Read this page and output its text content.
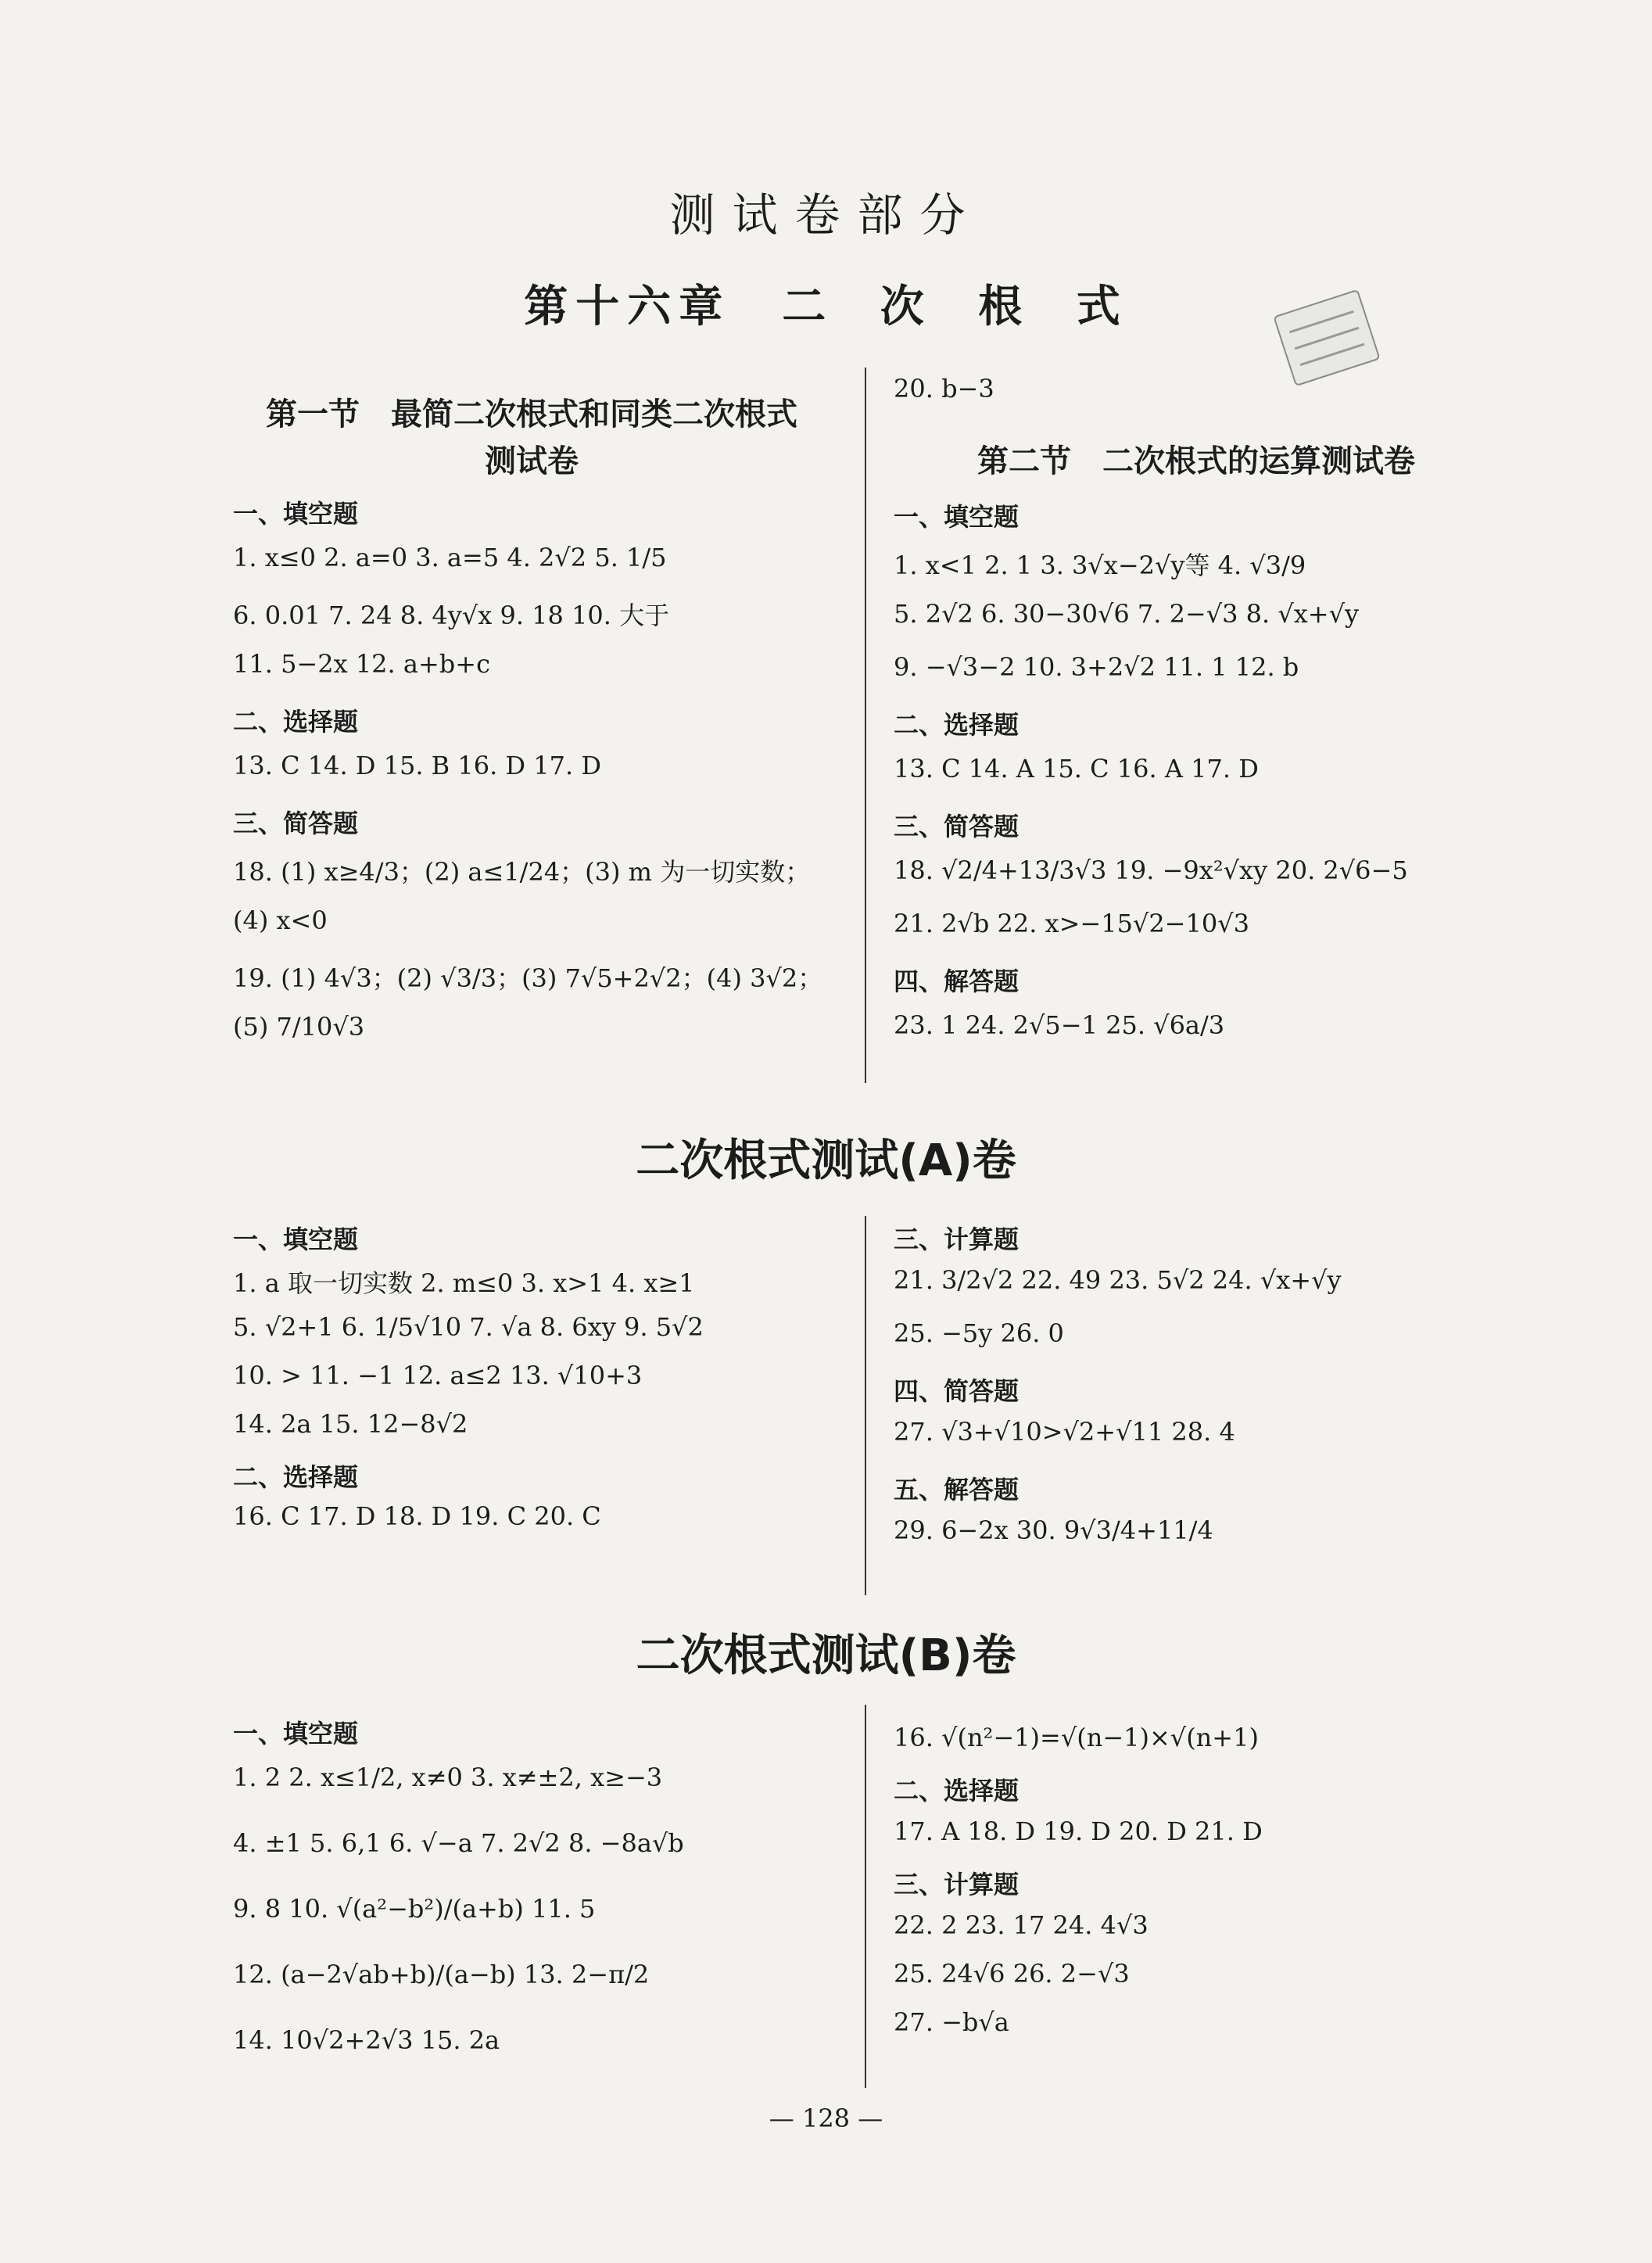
测试卷部分
第十六章　二 次 根 式
第一节　最简二次根式和同类二次根式
测试卷
一、填空题
1. x≤0 2. a=0 3. a=5 4. 2√2 5. 1/5
6. 0.01 7. 24 8. 4y√x 9. 18 10. 大于
11. 5−2x 12. a+b+c
二、选择题
13. C 14. D 15. B 16. D 17. D
三、简答题
18. (1) x≥4/3；(2) a≤1/24；(3) m 为一切实数；
(4) x<0
19. (1) 4√3；(2) √3/3；(3) 7√5+2√2；(4) 3√2；
(5) 7/10√3
20. b−3
第二节　二次根式的运算测试卷
一、填空题
1. x<1 2. 1 3. 3√x−2√y等 4. √3/9
5. 2√2 6. 30−30√6 7. 2−√3 8. √x+√y
9. −√3−2 10. 3+2√2 11. 1 12. b
二、选择题
13. C 14. A 15. C 16. A 17. D
三、简答题
18. √2/4+13/3√3 19. −9x²√xy 20. 2√6−5
21. 2√b 22. x>−15√2−10√3
四、解答题
23. 1 24. 2√5−1 25. √6a/3
二次根式测试(A)卷
一、填空题
1. a 取一切实数 2. m≤0 3. x>1 4. x≥1
5. √2+1 6. 1/5√10 7. √a 8. 6xy 9. 5√2
10. > 11. −1 12. a≤2 13. √10+3
14. 2a 15. 12−8√2
二、选择题
16. C 17. D 18. D 19. C 20. C
三、计算题
21. 3/2√2 22. 49 23. 5√2 24. √x+√y
25. −5y 26. 0
四、简答题
27. √3+√10>√2+√11 28. 4
五、解答题
29. 6−2x 30. 9√3/4+11/4
二次根式测试(B)卷
一、填空题
1. 2 2. x≤1/2, x≠0 3. x≠±2, x≥−3
4. ±1 5. 6,1 6. √−a 7. 2√2 8. −8a√b
9. 8 10. √(a²−b²)/(a+b) 11. 5
12. (a−2√ab+b)/(a−b) 13. 2−π/2
14. 10√2+2√3 15. 2a
16. √(n²−1)=√(n−1)×√(n+1)
二、选择题
17. A 18. D 19. D 20. D 21. D
三、计算题
22. 2 23. 17 24. 4√3
25. 24√6 26. 2−√3
27. −b√a
— 128 —
